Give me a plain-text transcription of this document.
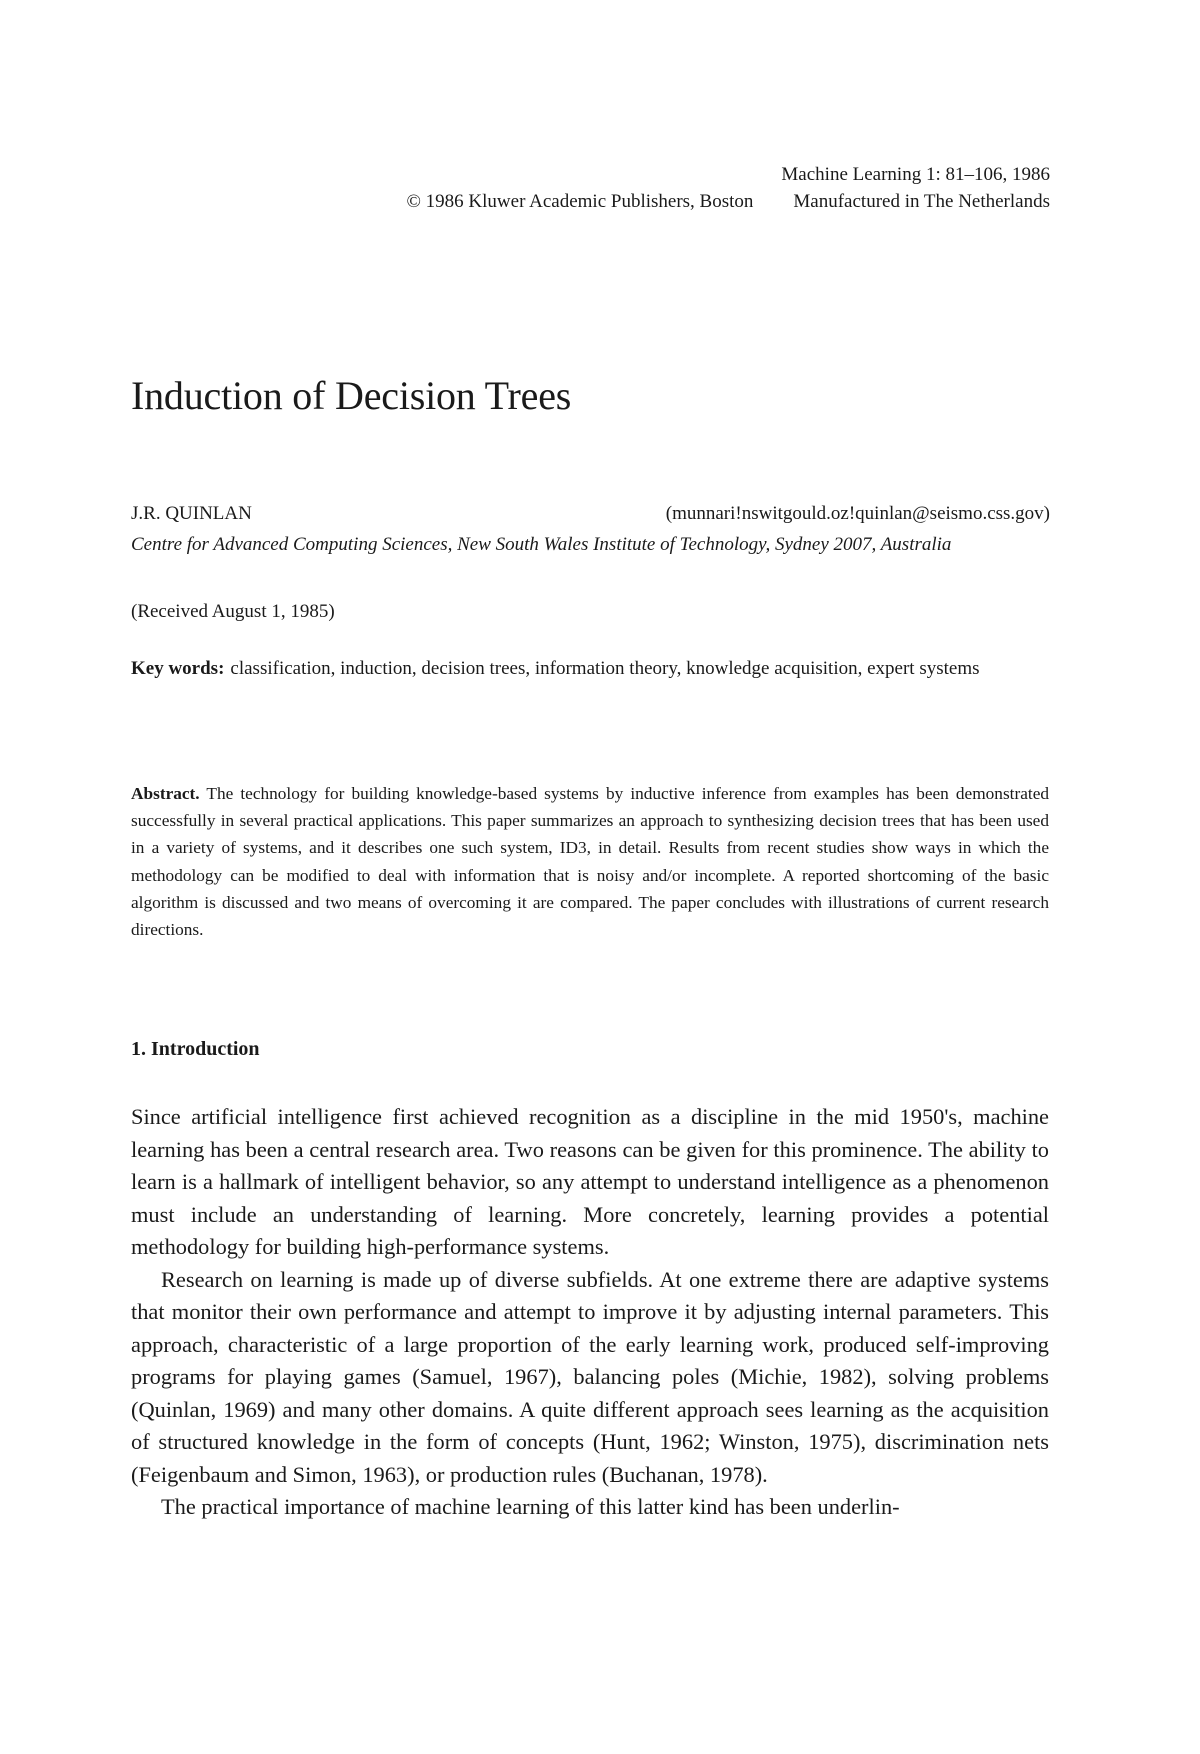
Machine Learning 1: 81–106, 1986
© 1986 Kluwer Academic Publishers, Boston Manufactured in The Netherlands
Induction of Decision Trees
J.R. QUINLAN	(munnari!nswitgould.oz!quinlan@seismo.css.gov)
Centre for Advanced Computing Sciences, New South Wales Institute of Technology, Sydney 2007, Australia
(Received August 1, 1985)
Key words: classification, induction, decision trees, information theory, knowledge acquisition, expert systems
Abstract. The technology for building knowledge-based systems by inductive inference from examples has been demonstrated successfully in several practical applications. This paper summarizes an approach to synthesizing decision trees that has been used in a variety of systems, and it describes one such system, ID3, in detail. Results from recent studies show ways in which the methodology can be modified to deal with information that is noisy and/or incomplete. A reported shortcoming of the basic algorithm is discussed and two means of overcoming it are compared. The paper concludes with illustrations of current research directions.
1. Introduction

Since artificial intelligence first achieved recognition as a discipline in the mid 1950's, machine learning has been a central research area. Two reasons can be given for this prominence. The ability to learn is a hallmark of intelligent behavior, so any attempt to understand intelligence as a phenomenon must include an understanding of learning. More concretely, learning provides a potential methodology for building high-performance systems.

Research on learning is made up of diverse subfields. At one extreme there are adaptive systems that monitor their own performance and attempt to improve it by adjusting internal parameters. This approach, characteristic of a large proportion of the early learning work, produced self-improving programs for playing games (Samuel, 1967), balancing poles (Michie, 1982), solving problems (Quinlan, 1969) and many other domains. A quite different approach sees learning as the acquisition of structured knowledge in the form of concepts (Hunt, 1962; Winston, 1975), discrimination nets (Feigenbaum and Simon, 1963), or production rules (Buchanan, 1978).

The practical importance of machine learning of this latter kind has been underlin-
